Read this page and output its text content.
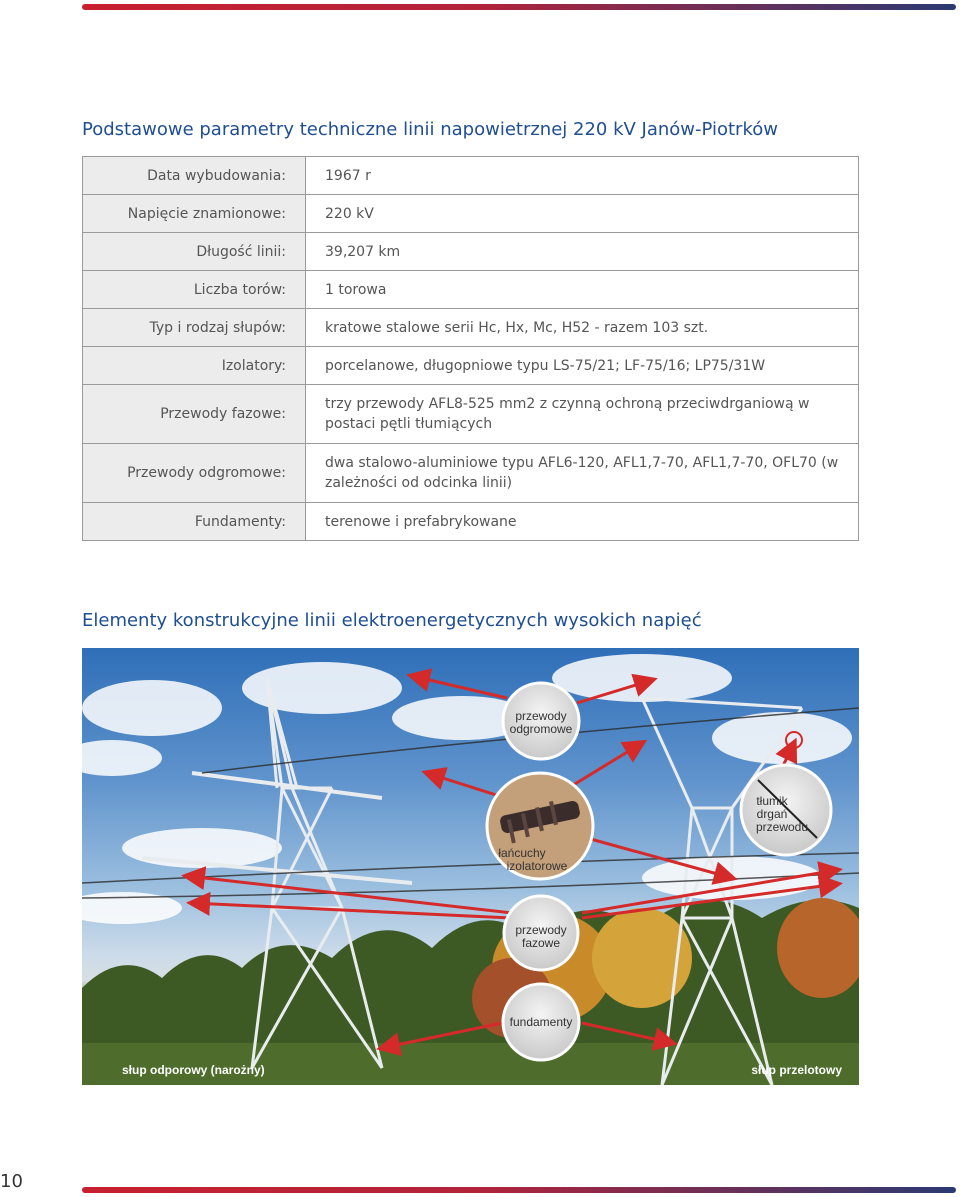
Podstawowe parametry techniczne linii napowietrznej 220 kV Janów-Piotrków
Data wybudowania:	1967 r
Napięcie znamionowe:	220 kV
Długość linii:	39,207 km
Liczba torów:	1 torowa
Typ i rodzaj słupów:	kratowe stalowe serii Hc, Hx, Mc, H52 - razem 103 szt.
Izolatory:	porcelanowe, długopniowe typu LS-75/21; LF-75/16; LP75/31W
Przewody fazowe:	trzy przewody AFL8-525 mm2 z czynną ochroną przeciwdrganiową w postaci pętli tłumiących
Przewody odgromowe:	dwa stalowo-aluminiowe typu AFL6-120, AFL1,7-70, AFL1,7-70, OFL70 (w zależności od odcinka linii)
Fundamenty:	terenowe i prefabrykowane
Elementy konstrukcyjne linii elektroenergetycznych wysokich napięć
przewody
odgromowe
łańcuchy
izolatorowe
tłumik
drgań
przewodu
przewody
fazowe
fundamenty
słup odporowy (narożny)	słup przelotowy
10
